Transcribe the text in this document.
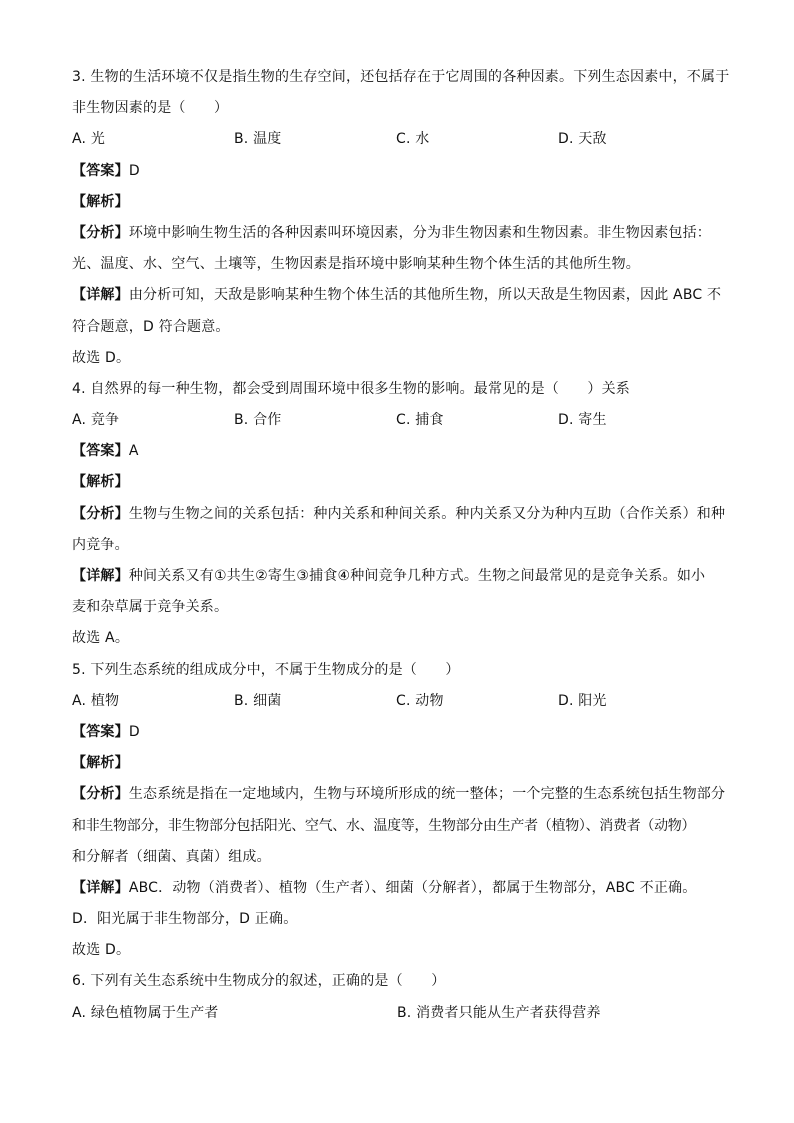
3. 生物的生活环境不仅是指生物的生存空间，还包括存在于它周围的各种因素。下列生态因素中，不属于
非生物因素的是（　　）
A. 光	B. 温度	C. 水	D. 天敌
【答案】D
【解析】
【分析】环境中影响生物生活的各种因素叫环境因素，分为非生物因素和生物因素。非生物因素包括：
光、温度、水、空气、土壤等，生物因素是指环境中影响某种生物个体生活的其他所生物。
【详解】由分析可知，天敌是影响某种生物个体生活的其他所生物，所以天敌是生物因素，因此 ABC 不
符合题意，D 符合题意。
故选 D。
4. 自然界的每一种生物，都会受到周围环境中很多生物的影响。最常见的是（　　）关系
A. 竞争	B. 合作	C. 捕食	D. 寄生
【答案】A
【解析】
【分析】生物与生物之间的关系包括：种内关系和种间关系。种内关系又分为种内互助（合作关系）和种
内竞争。
【详解】种间关系又有①共生②寄生③捕食④种间竞争几种方式。生物之间最常见的是竞争关系。如小
麦和杂草属于竞争关系。
故选 A。
5. 下列生态系统的组成成分中，不属于生物成分的是（　　）
A. 植物	B. 细菌	C. 动物	D. 阳光
【答案】D
【解析】
【分析】生态系统是指在一定地域内，生物与环境所形成的统一整体；一个完整的生态系统包括生物部分
和非生物部分，非生物部分包括阳光、空气、水、温度等，生物部分由生产者（植物）、消费者（动物）
和分解者（细菌、真菌）组成。
【详解】ABC．动物（消费者）、植物（生产者）、细菌（分解者），都属于生物部分，ABC 不正确。
D．阳光属于非生物部分，D 正确。
故选 D。
6. 下列有关生态系统中生物成分的叙述，正确的是（　　）
A. 绿色植物属于生产者	B. 消费者只能从生产者获得营养
